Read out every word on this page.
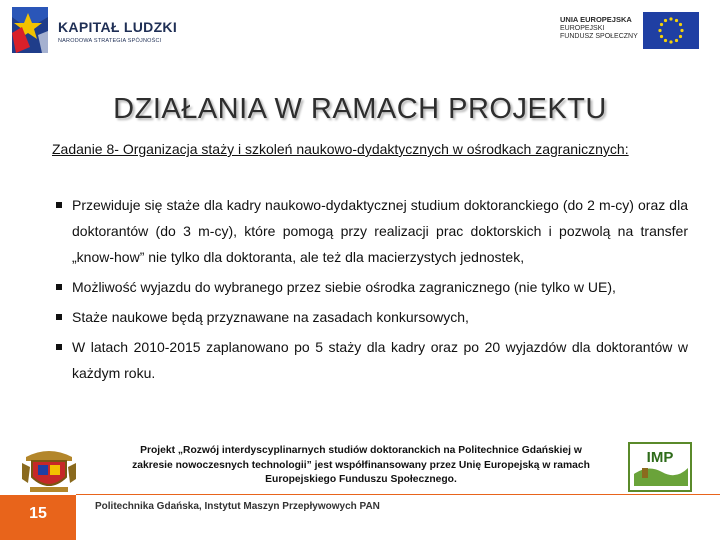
KAPITAŁ LUDZKI
NARODOWA STRATEGIA SPÓJNOŚCI
UNIA EUROPEJSKA
EUROPEJSKI
FUNDUSZ SPOŁECZNY
DZIAŁANIA W RAMACH PROJEKTU
Zadanie 8- Organizacja staży i szkoleń naukowo-dydaktycznych w ośrodkach zagranicznych:
Przewiduje się staże dla kadry naukowo-dydaktycznej studium doktoranckiego (do 2 m-cy) oraz dla doktorantów (do 3 m-cy), które pomogą przy realizacji prac doktorskich i pozwolą na transfer „know-how” nie tylko dla doktoranta, ale też dla macierzystych jednostek,
Możliwość wyjazdu do wybranego przez siebie ośrodka zagranicznego (nie tylko w UE),
Staże naukowe będą przyznawane na zasadach konkursowych,
W latach 2010-2015 zaplanowano po 5 staży dla kadry oraz po 20 wyjazdów dla doktorantów w każdym roku.
Projekt „Rozwój interdyscyplinarnych studiów doktoranckich na Politechnice Gdańskiej w
zakresie nowoczesnych technologii” jest współfinansowany przez Unię Europejską w ramach
Europejskiego Funduszu Społecznego.
IMP
15	Politechnika Gdańska, Instytut Maszyn Przepływowych PAN
